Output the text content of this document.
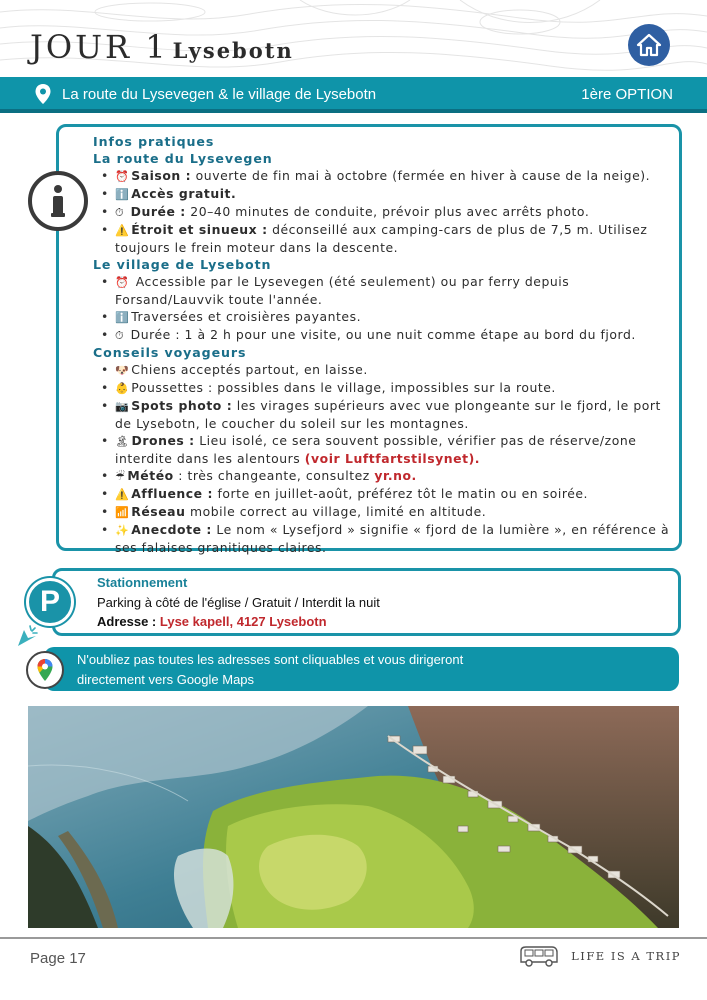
JOUR 1 Lysebotn
La route du Lysevegen & le village de Lysebotn	1ère OPTION
Infos pratiques
La route du Lysevegen
• ⏰ Saison : ouverte de fin mai à octobre (fermée en hiver à cause de la neige).
• ℹ️ Accès gratuit.
• ⏱ Durée : 20–40 minutes de conduite, prévoir plus avec arrêts photo.
• ⚠️ Étroit et sinueux : déconseillé aux camping-cars de plus de 7,5 m. Utilisez toujours le frein moteur dans la descente.
Le village de Lysebotn
• ⏰ Accessible par le Lysevegen (été seulement) ou par ferry depuis Forsand/Lauvvik toute l'année.
• ℹ️ Traversées et croisières payantes.
• ⏱ Durée : 1 à 2 h pour une visite, ou une nuit comme étape au bord du fjord.
Conseils voyageurs
• 🐶 Chiens acceptés partout, en laisse.
• 👶 Poussettes : possibles dans le village, impossibles sur la route.
• 📷 Spots photo : les virages supérieurs avec vue plongeante sur le fjord, le port de Lysebotn, le coucher du soleil sur les montagnes.
• 🏝 Drones : Lieu isolé, ce sera souvent possible, vérifier pas de réserve/zone interdite dans les alentours (voir Luftfartstilsynet).
• ☔ Météo : très changeante, consultez yr.no.
• ⚠️ Affluence : forte en juillet-août, préférez tôt le matin ou en soirée.
• 📶 Réseau mobile correct au village, limité en altitude.
• ✨ Anecdote : Le nom « Lysefjord » signifie « fjord de la lumière », en référence à ses falaises granitiques claires.
P
Stationnement
Parking à côté de l'église / Gratuit / Interdit la nuit
Adresse : Lyse kapell, 4127 Lysebotn
N'oubliez pas toutes les adresses sont cliquables et vous dirigeront
directement vers Google Maps
Page 17	LIFE IS A TRIP
